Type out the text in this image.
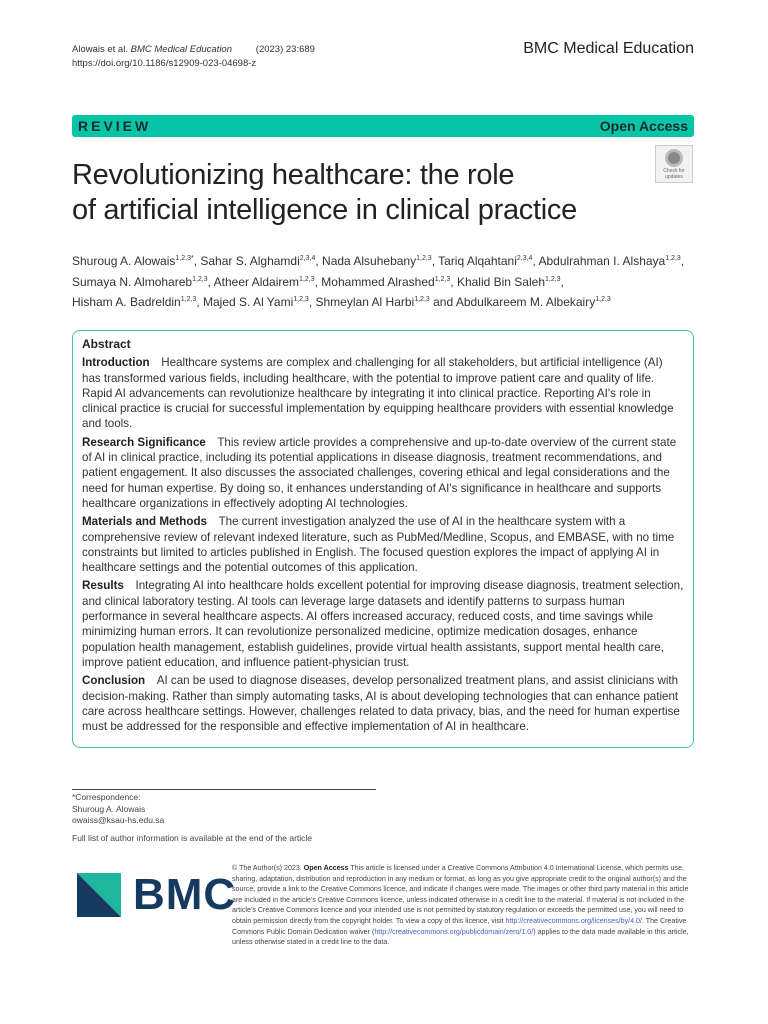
Alowais et al. BMC Medical Education	(2023) 23:689
https://doi.org/10.1186/s12909-023-04698-z
BMC Medical Education
REVIEW	Open Access
Check for updates
Revolutionizing healthcare: the role
of artificial intelligence in clinical practice
Shuroug A. Alowais$^{1,2,3*}$, Sahar S. Alghamdi$^{2,3,4}$, Nada Alsuhebany$^{1,2,3}$, Tariq Alqahtani$^{2,3,4}$, Abdulrahman I. Alshaya$^{1,2,3}$,
Sumaya N. Almohareb$^{1,2,3}$, Atheer Aldairem$^{1,2,3}$, Mohammed Alrashed$^{1,2,3}$, Khalid Bin Saleh$^{1,2,3}$,
Hisham A. Badreldin$^{1,2,3}$, Majed S. Al Yami$^{1,2,3}$, Shmeylan Al Harbi$^{1,2,3}$ and Abdulkareem M. Albekairy$^{1,2,3}$
Abstract

Introduction  Healthcare systems are complex and challenging for all stakeholders, but artificial intelligence (AI) has transformed various fields, including healthcare, with the potential to improve patient care and quality of life. Rapid AI advancements can revolutionize healthcare by integrating it into clinical practice. Reporting AI's role in clinical practice is crucial for successful implementation by equipping healthcare providers with essential knowledge and tools.

Research Significance  This review article provides a comprehensive and up-to-date overview of the current state of AI in clinical practice, including its potential applications in disease diagnosis, treatment recommendations, and patient engagement. It also discusses the associated challenges, covering ethical and legal considerations and the need for human expertise. By doing so, it enhances understanding of AI's significance in healthcare and supports healthcare organizations in effectively adopting AI technologies.

Materials and Methods  The current investigation analyzed the use of AI in the healthcare system with a comprehensive review of relevant indexed literature, such as PubMed/Medline, Scopus, and EMBASE, with no time constraints but limited to articles published in English. The focused question explores the impact of applying AI in healthcare settings and the potential outcomes of this application.

Results  Integrating AI into healthcare holds excellent potential for improving disease diagnosis, treatment selection, and clinical laboratory testing. AI tools can leverage large datasets and identify patterns to surpass human performance in several healthcare aspects. AI offers increased accuracy, reduced costs, and time savings while minimizing human errors. It can revolutionize personalized medicine, optimize medication dosages, enhance population health management, establish guidelines, provide virtual health assistants, support mental health care, improve patient education, and influence patient-physician trust.

Conclusion  AI can be used to diagnose diseases, develop personalized treatment plans, and assist clinicians with decision-making. Rather than simply automating tasks, AI is about developing technologies that can enhance patient care across healthcare settings. However, challenges related to data privacy, bias, and the need for human expertise must be addressed for the responsible and effective implementation of AI in healthcare.

*Correspondence:
Shuroug A. Alowais
owaiss@ksau-hs.edu.sa
Full list of author information is available at the end of the article
BMC
© The Author(s) 2023. Open Access This article is licensed under a Creative Commons Attribution 4.0 International License, which permits use, sharing, adaptation, distribution and reproduction in any medium or format, as long as you give appropriate credit to the original author(s) and the source, provide a link to the Creative Commons licence, and indicate if changes were made. The images or other third party material in this article are included in the article's Creative Commons licence, unless indicated otherwise in a credit line to the material. If material is not included in the article's Creative Commons licence and your intended use is not permitted by statutory regulation or exceeds the permitted use, you will need to obtain permission directly from the copyright holder. To view a copy of this licence, visit http://creativecommons.org/licenses/by/4.0/. The Creative Commons Public Domain Dedication waiver (http://creativecommons.org/publicdomain/zero/1.0/) applies to the data made available in this article, unless otherwise stated in a credit line to the data.
